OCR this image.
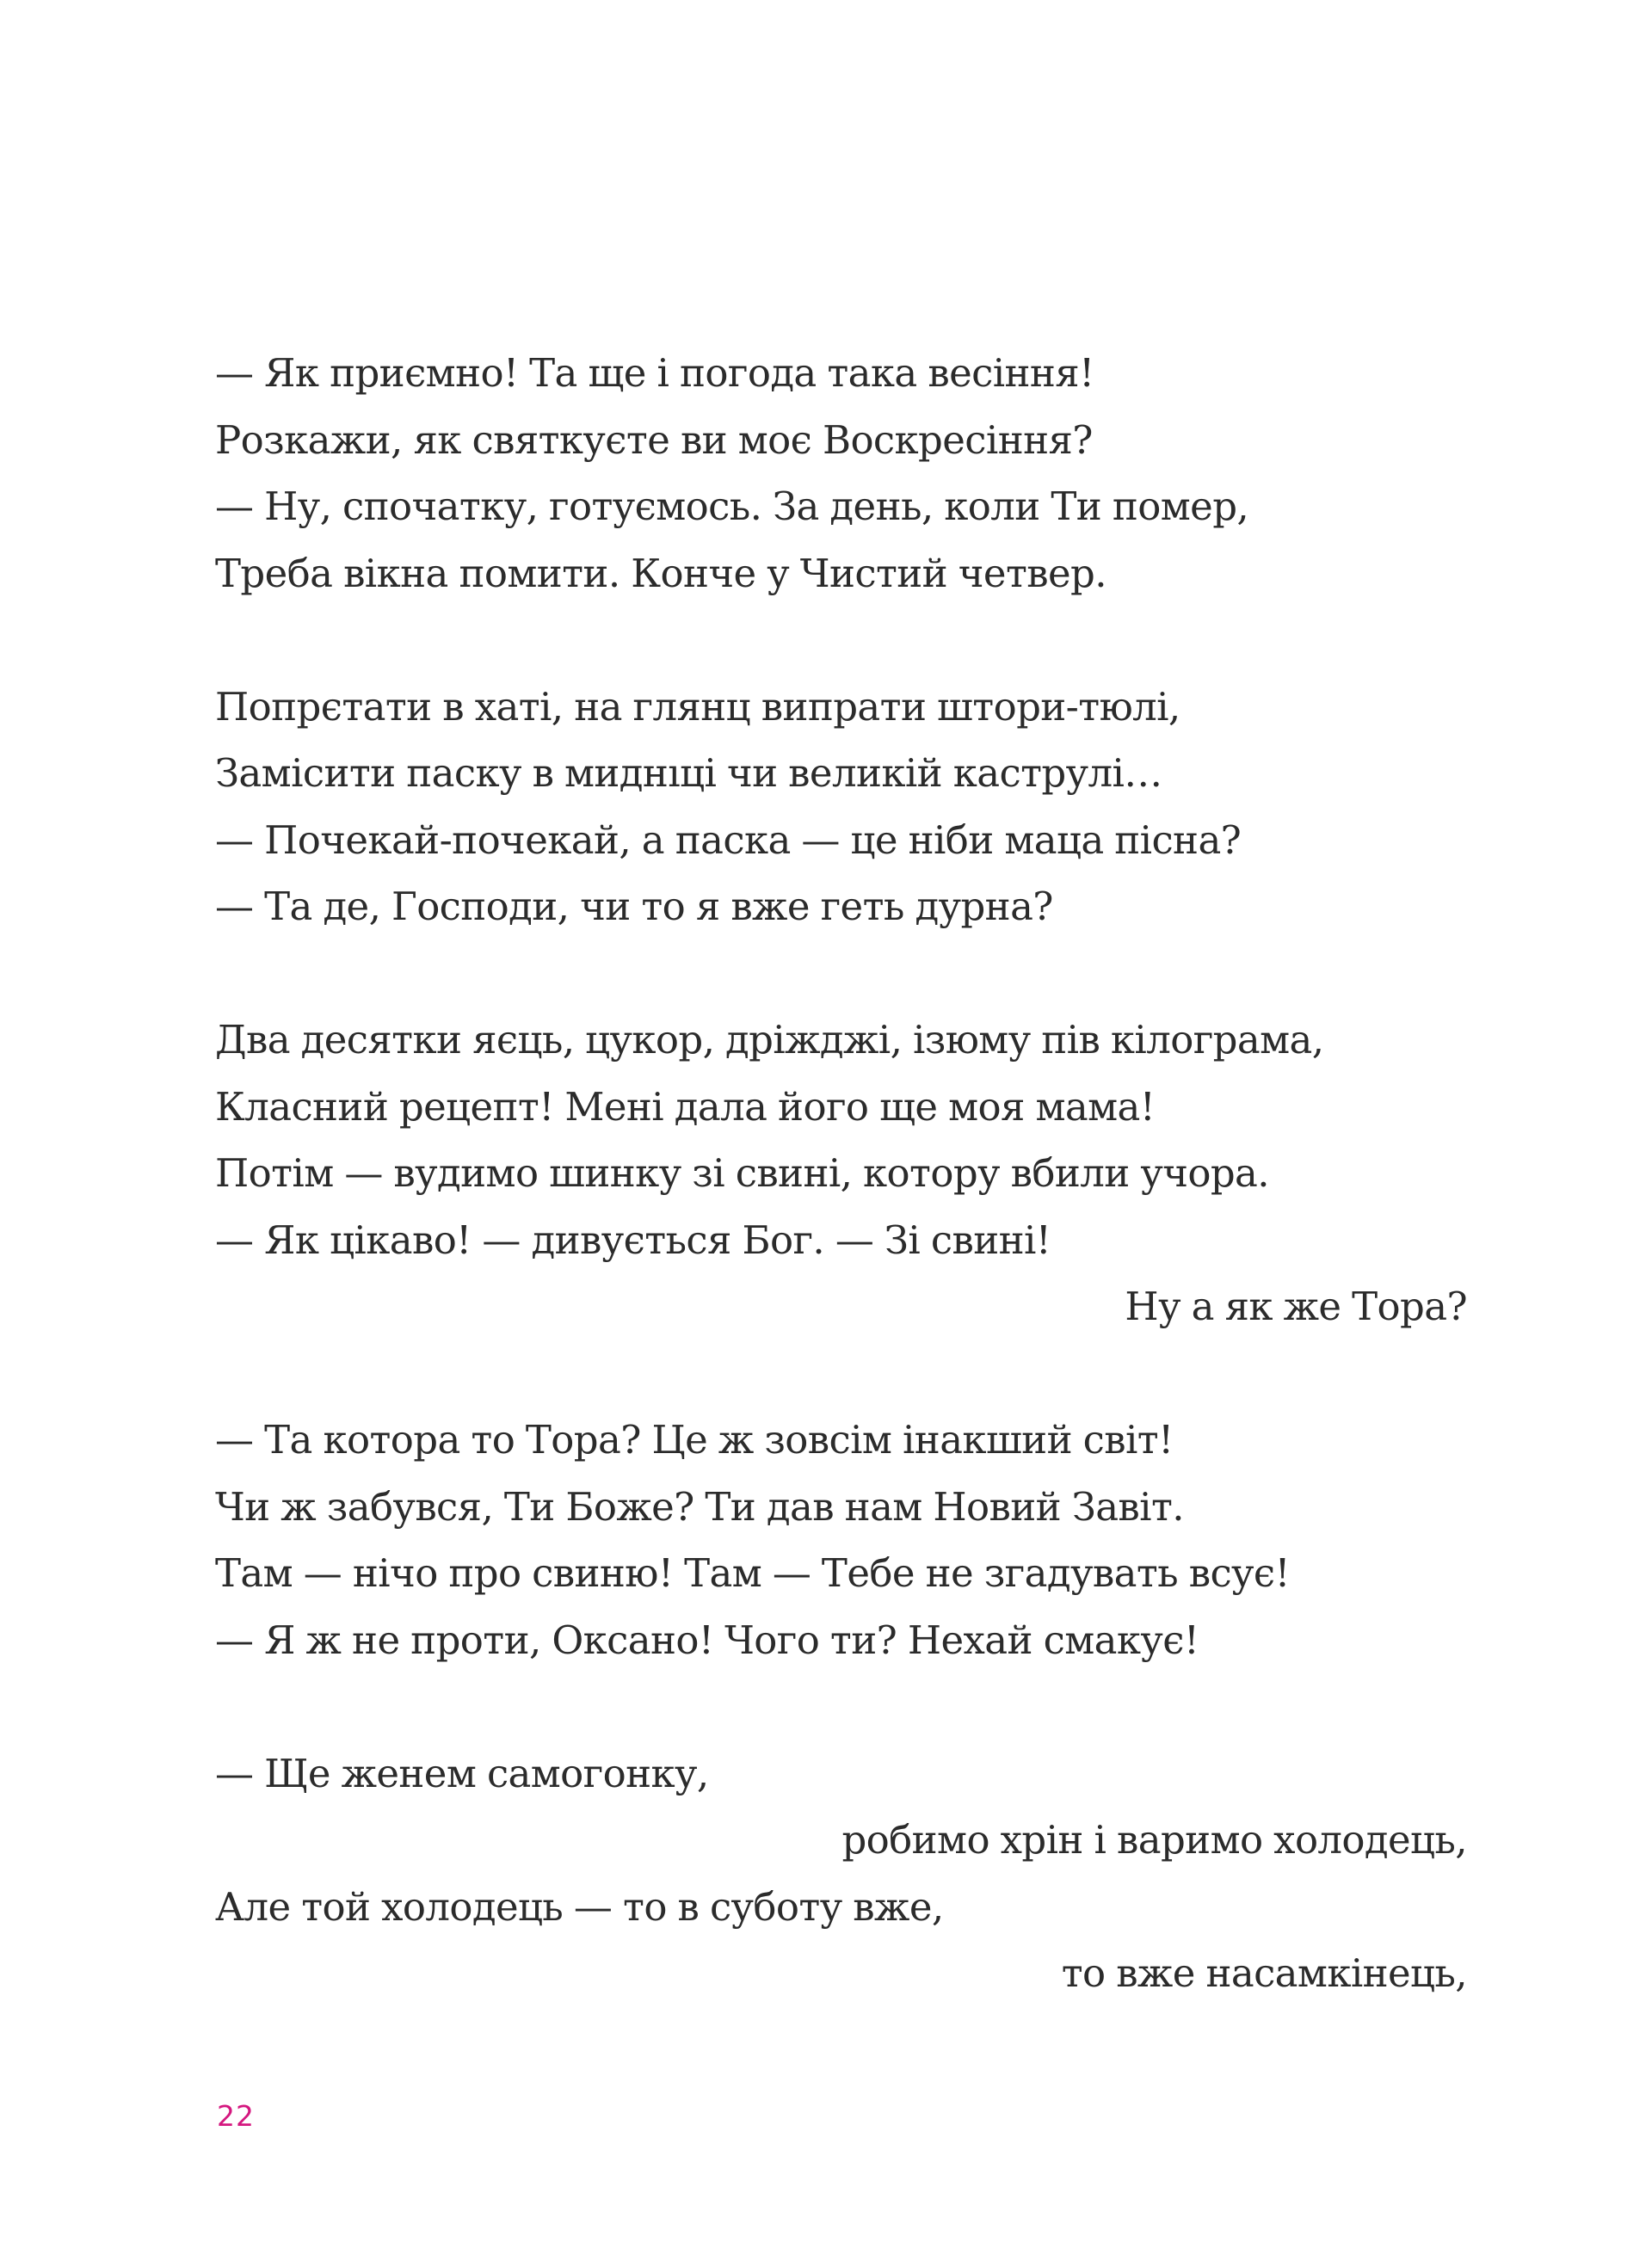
— Як приємно! Та ще і погода така весіння!
Розкажи, як святкуєте ви моє Воскресіння?
— Ну, спочатку, готуємось. За день, коли Ти помер,
Треба вікна помити. Конче у Чистий четвер.
Попрєтати в хаті, на глянц випрати штори-тюлі,
Замісити паску в миднıці чи великій каструлі…
— Почекай-почекай, а паска — це ніби маца пісна?
— Та де, Господи, чи то я вже геть дурна?
Два десятки яєць, цукор, дріжджі, ізюму пів кілограма,
Класний рецепт! Мені дала його ще моя мама!
Потім — вудимо шинку зі свині, котору вбили учора.
— Як цікаво! — дивується Бог. — Зі свині!
Ну а як же Тора?
— Та котора то Тора? Це ж зовсім інакший світ!
Чи ж забувся, Ти Боже? Ти дав нам Новий Завіт.
Там — нічо про свиню! Там — Тебе не згадувать всує!
— Я ж не проти, Оксано! Чого ти? Нехай смакує!
— Ще женем самогонку,
робимо хрін і варимо холодець,
Але той холодець — то в суботу вже,
то вже насамкінець,
22
